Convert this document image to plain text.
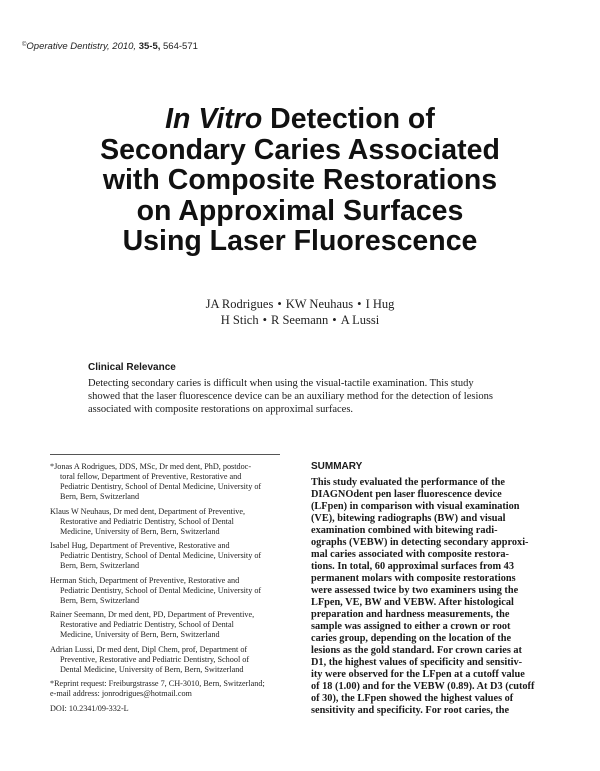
©Operative Dentistry, 2010, 35-5, 564-571
In Vitro Detection of
Secondary Caries Associated
with Composite Restorations
on Approximal Surfaces
Using Laser Fluorescence
JA Rodrigues • KW Neuhaus • I Hug
H Stich • R Seemann • A Lussi
Clinical Relevance
Detecting secondary caries is difficult when using the visual-tactile examination. This study
showed that the laser fluorescence device can be an auxiliary method for the detection of lesions
associated with composite restorations on approximal surfaces.
*Jonas A Rodrigues, DDS, MSc, Dr med dent, PhD, postdoc-
toral fellow, Department of Preventive, Restorative and
Pediatric Dentistry, School of Dental Medicine, University of
Bern, Bern, Switzerland
Klaus W Neuhaus, Dr med dent, Department of Preventive,
Restorative and Pediatric Dentistry, School of Dental
Medicine, University of Bern, Bern, Switzerland
Isabel Hug, Department of Preventive, Restorative and
Pediatric Dentistry, School of Dental Medicine, University of
Bern, Bern, Switzerland
Herman Stich, Department of Preventive, Restorative and
Pediatric Dentistry, School of Dental Medicine, University of
Bern, Bern, Switzerland
Rainer Seemann, Dr med dent, PD, Department of Preventive,
Restorative and Pediatric Dentistry, School of Dental
Medicine, University of Bern, Bern, Switzerland
Adrian Lussi, Dr med dent, Dipl Chem, prof, Department of
Preventive, Restorative and Pediatric Dentistry, School of
Dental Medicine, University of Bern, Bern, Switzerland
*Reprint request: Freiburgstrasse 7, CH-3010, Bern, Switzerland;
e-mail address: jonrodrigues@hotmail.com
DOI: 10.2341/09-332-L
SUMMARY
This study evaluated the performance of the
DIAGNOdent pen laser fluorescence device
(LFpen) in comparison with visual examination
(VE), bitewing radiographs (BW) and visual
examination combined with bitewing radi-
ographs (VEBW) in detecting secondary approxi-
mal caries associated with composite restora-
tions. In total, 60 approximal surfaces from 43
permanent molars with composite restorations
were assessed twice by two examiners using the
LFpen, VE, BW and VEBW. After histological
preparation and hardness measurements, the
sample was assigned to either a crown or root
caries group, depending on the location of the
lesions as the gold standard. For crown caries at
D1, the highest values of specificity and sensitiv-
ity were observed for the LFpen at a cutoff value
of 18 (1.00) and for the VEBW (0.89). At D3 (cutoff
of 30), the LFpen showed the highest values of
sensitivity and specificity. For root caries, the
